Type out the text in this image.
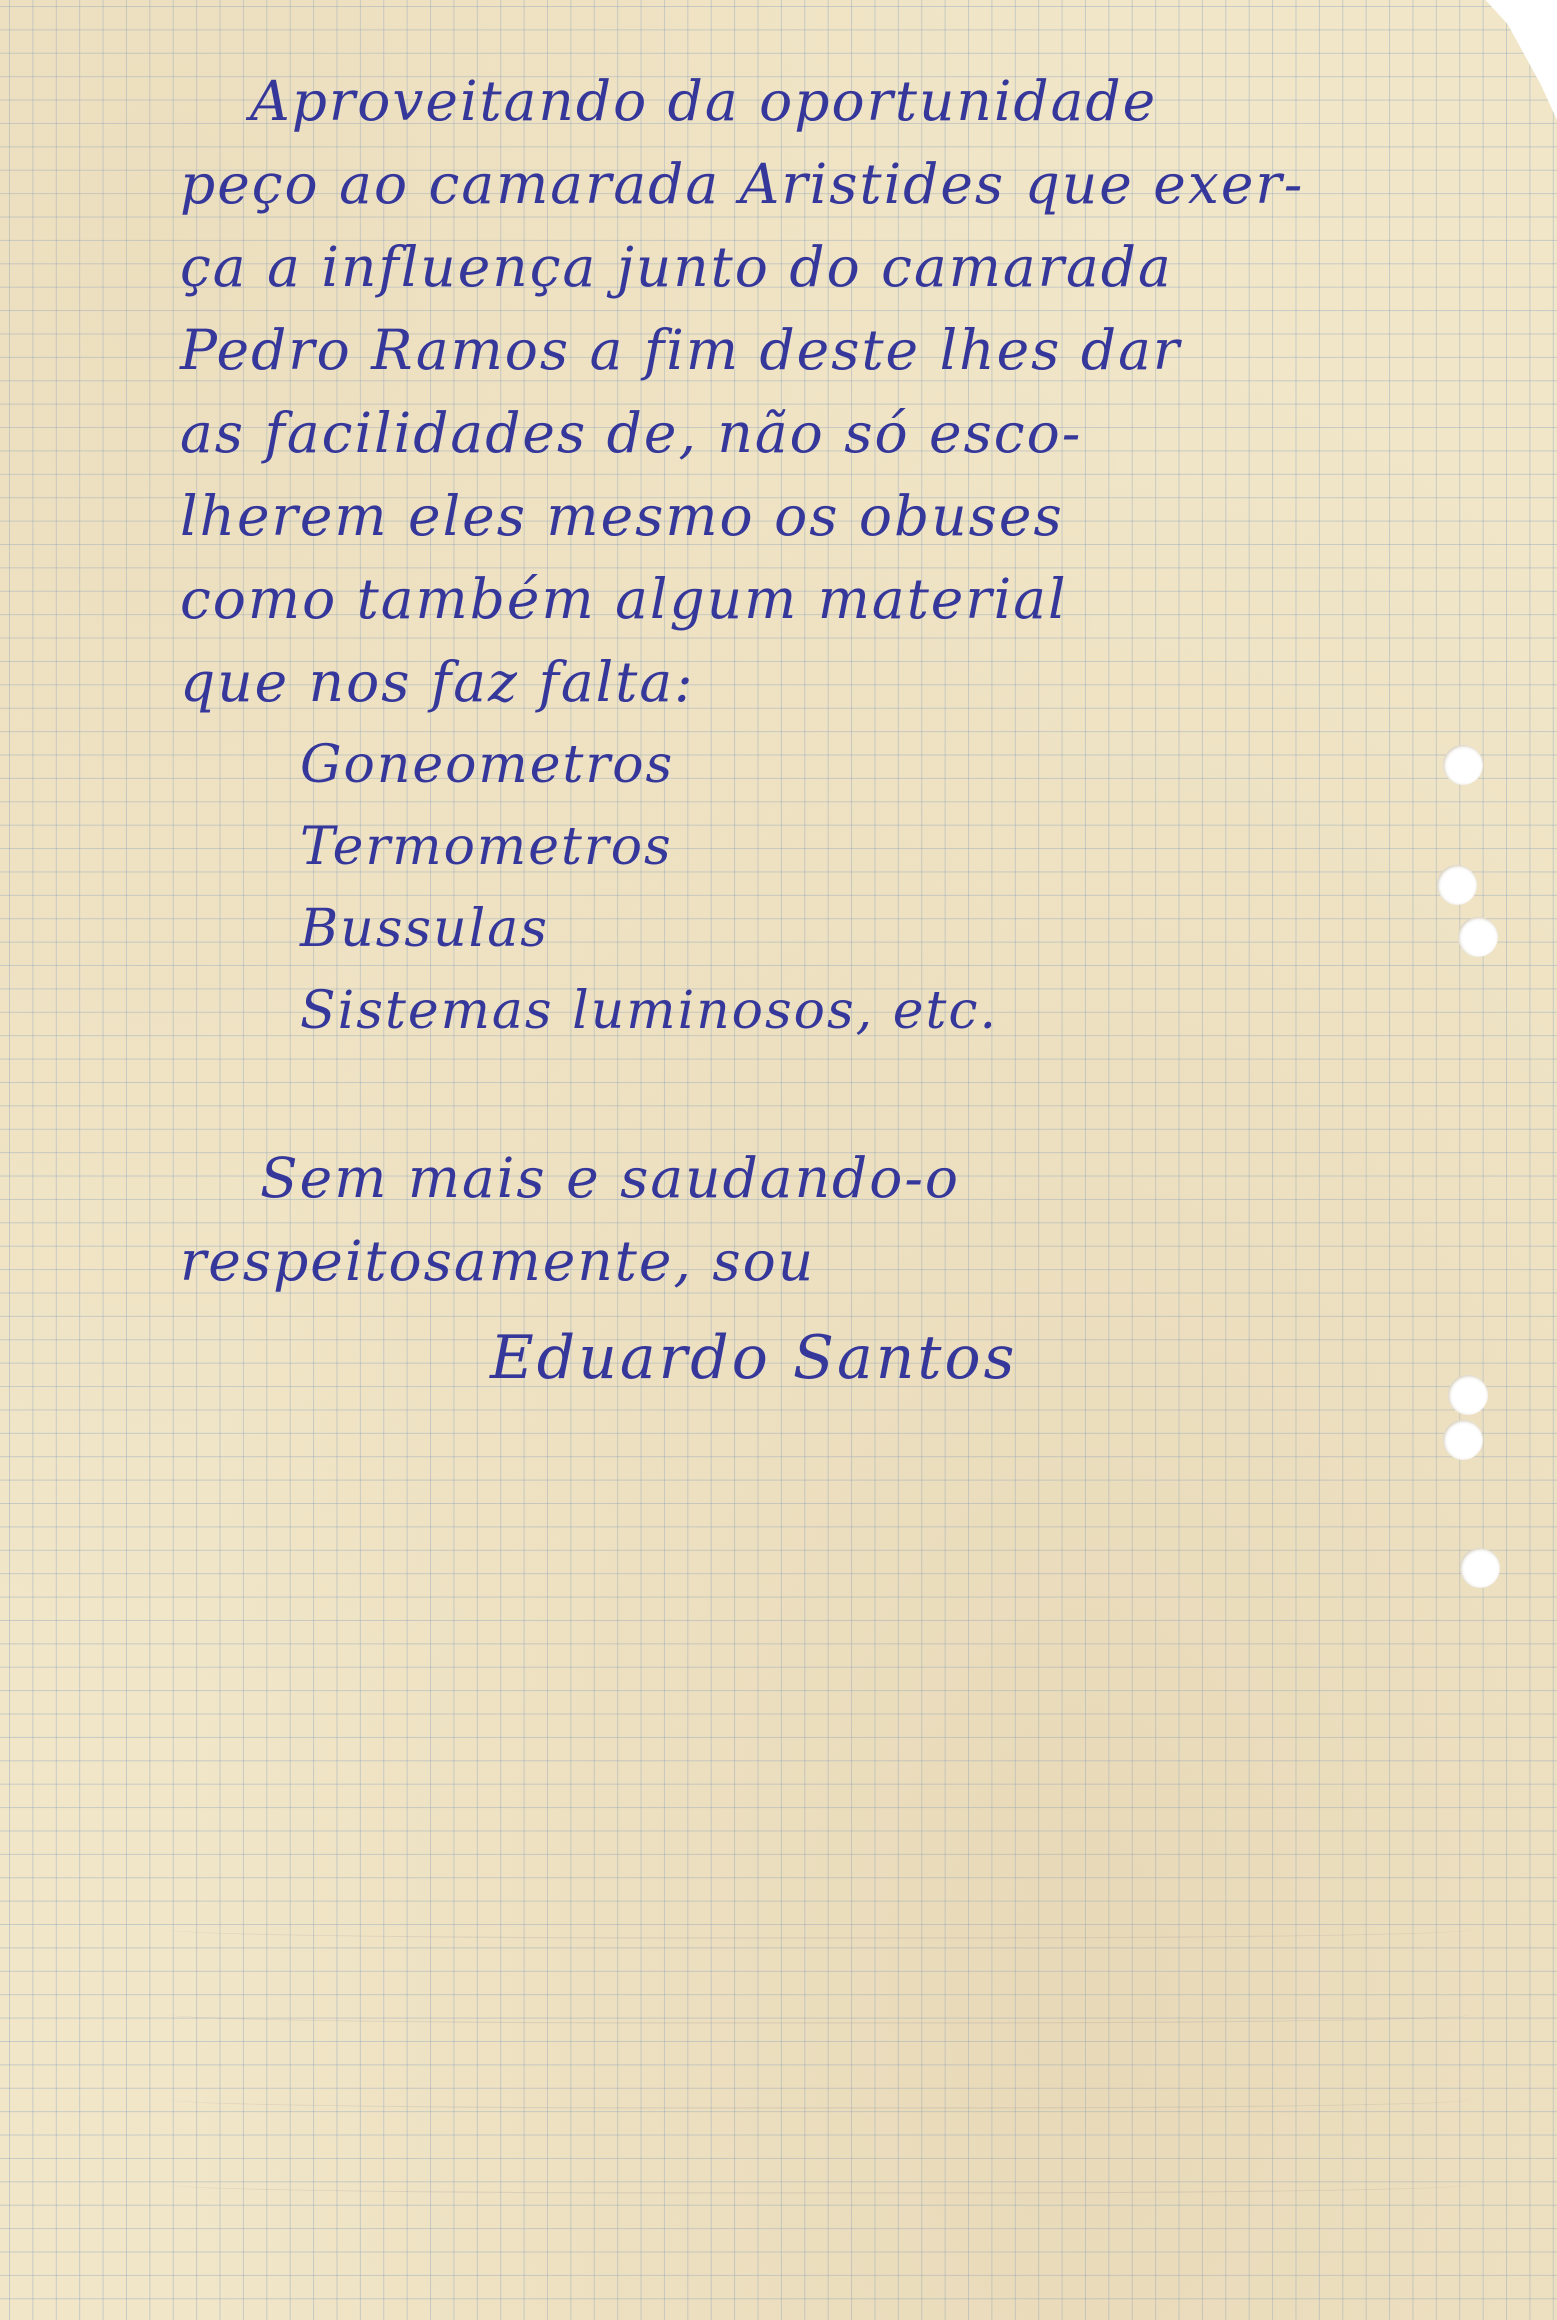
Aproveitando da oportunidade
peço ao camarada Aristides que exer-
ça a influença junto do camarada
Pedro Ramos a fim deste lhes dar
as facilidades de, não só esco-
lherem eles mesmo os obuses
como também algum material
que nos faz falta:
Goneometros
Termometros
Bussulas
Sistemas luminosos, etc.
Sem mais e saudando-o
respeitosamente, sou
Eduardo Santos
